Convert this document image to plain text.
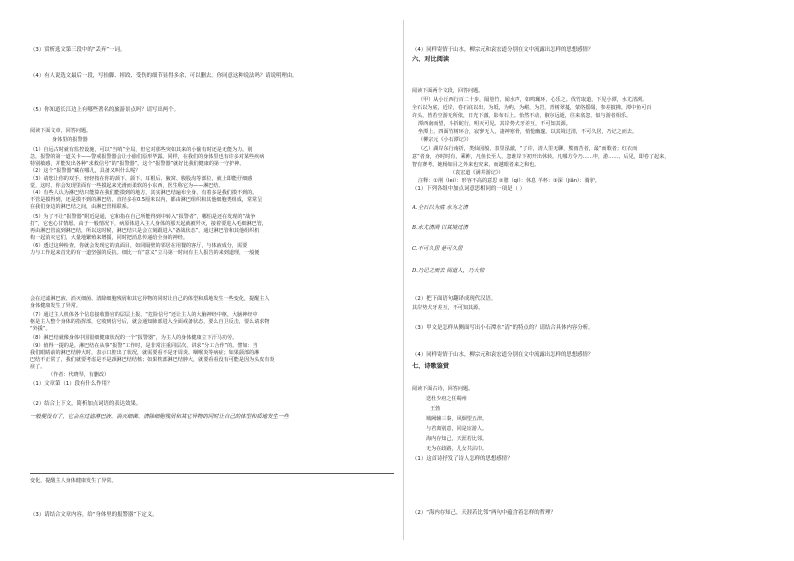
（3）赏析选文第三段中的“丢弃”一词。
（4）有人说选文最后一段，写抬脚、摔跤、受伤的细节显得多余，可以删去。你同意这种说法吗？请说明理由。
（5）你知道长江边上有哪些著名的旅游景点吗？请写出两个。
阅读下面文章，回答问题。
身体里的报警器
（1）自远古时就有监控设施，可以“当哨”全局，但它对那些突如其来的小偷有时还是无能为力。别
急，报警的第一道关卡——警戒报警器会让小偷们原形毕露。同样，在我们的身体里也有许多对某些疾病
特别敏感，并能发出各种“求救信号”的“报警器”。这个“报警器”就好比我们健康的第一守护神。
（2）这个“报警器”藏在哪儿，具备又叫什么呢？
（3）请您让你的双手，轻轻按在你的颈下、颌下、耳根后、腋窝、腹股沟等部位，就上即能仔细感
觉，这时，你会发现里面有一些摸起来光滑而柔软的小东西，医生称它为——淋巴结。
（4）有些人认为淋巴结只能算在我们能摸到的地方，其实淋巴结遍布全身，有着多是我们摸不到的。
不管是摸得到，还是摸不到的淋巴结，直径多在0.5厘米以内，都由淋巴组织和其他细胞类组成，常常呈
在我们身边的淋巴结之间，由淋巴管相联系。
（5）为了不让“报警器”附近是通，它和指在自己所能得到中转入“报警者”，哪怕是还在发现的“战争
打”，它也心甘情愿。由于一般情况下，病原体进入主人身体的那天起就被歼灭，接着要进入毛细淋巴管，
再由淋巴管流到淋巴结，所以这时候，淋巴结只是会立刻跟进入“备战状态”，通过淋巴管和其他组织机
构一起消灭它们，大量地繁殖来增援，同时把消息传递给全身的神经。
（6）透过这种检查，你就会发现它的真面目，如同隔壁的邻居在用餐的客厅，与体液成分，需要
力与工作起来首先的有一道坚强的反抗。细比一有“意义”立马第一时间有主人报告的来到道理，一般便
会在过滤淋巴液、消灭细菌、清除细胞残屑和其它异物的同时让自己的体型和质地发生一些变化，提醒主人
身体健康发生了异常。
（7）通过主人机体各个信息接收器官的层层上报，“危险信号”还让主人的大脑神经中枢，大脑神经中
枢是主人整个身体的指挥部，它收到信号后，就会通知肺部进入全面戒备状态，要么自卫反击，要么请求物
“外援”。
（8）淋巴结就像身体中国很细健康状况的一个“报警器”，为主人的身体健康立下汗马功劳。
（9）值得一提的是，淋巴结在从事“报警”工作时，是非常注重同层次，讲求“分工合作”的。譬如：当
我们眼睛前的淋巴结肿大时，表示口腔出了状况，就需要看不是牙周炎、咽喉炎等病症；如果颌部的淋
巴结不正常了，我们就要考虑是不是颈淋巴结结核；如果枕部淋巴结肿大，就要看看没有可能是因为头皮有炎
症了。
（作者：代晓琴，有删改）
（1）文章第（1）段有什么作用？
（2）结合上下文，简析加点词语的表达效果。
一般便没有了，它会在过滤淋巴液、消灭细菌、清除细胞残屑和其它异物的同时让自己的体型和质地发生一些
变化，提醒主人身体健康发生了异常。
（3）请结合文章内容，给“身体里的报警器”下定义。
（4）同样寄情于山水，柳宗元和袁宏道分别在文中流露出怎样的思想感情？
六、对比阅读
阅读下面两个文段，回答问题。
（甲）从小丘西行百二十步，隔篁竹，闻水声，如鸣珮环，心乐之。伐竹取道，下见小潭，水尤清冽。
全石以为底，近岸，卷石底以出，为坻，为屿，为嵁，为岩。青树翠蔓，蒙络摇缀，参差披拂。潭中鱼可百
许头，皆若空游无所依，日光下澈，影布石上。佁然不动，俶尔远逝，往来翕忽，似与游者相乐。
潭西南而望，斗折蛇行，明灭可见。其岸势犬牙差互，不可知其源。
坐潭上，四面竹树环合，寂寥无人，凄神寒骨，悄怆幽邃。以其境过清，不可久居，乃记之而去。
（柳宗元《小石潭记》）
（乙）湖岸东行南折，类仙园般，表里泓澈，“了许，清人里无聊，熊雨苦者，最”而歌者；红衣而
意“者身，亦时时有，乘鲊，凡鱼长至人，忽谁岸下初开出休转。凡哪方令乃……申，游……，后见，即卷了起来，
智有赛考。她杨如目之外来也究来，而越眼者来之和也。
（袁宏道《满井游记》）
注释：①荆（lei）：形容不高的意思 ②憩（qì）：休息 羊杯：③深（jiǎn）：骑驴。
（1）下列各组中加点词意思相同的一项是（ ）
A.全石以为底 水为之清
B.水尤清冽 以其境过清
C.不可久居 是可久居
D.乃记之而去 阅道人，乃大惊
（2）把下面语句翻译成现代汉语。
其岸势犬牙差互，不可知其源。
（3）甲文是怎样从侧面写出小石潭水“清”的特点的？请结合具体内容分析。
（4）同样寄情于山水，柳宗元和袁宏道分别在文中流露出怎样的思想感情？
七、诗歌鉴赏
阅读下面古诗，回答问题。
送杜少府之任蜀州
王勃
城阙辅三秦，风烟望五津。
与君离别意，同是宦游人。
海内存知己，天涯若比邻。
无为在歧路，儿女共沾巾。
（1）这首诗抒发了诗人怎样的思想感情？
（2）“海内存知己，天涯若比邻”两句中蕴含着怎样的哲理？
